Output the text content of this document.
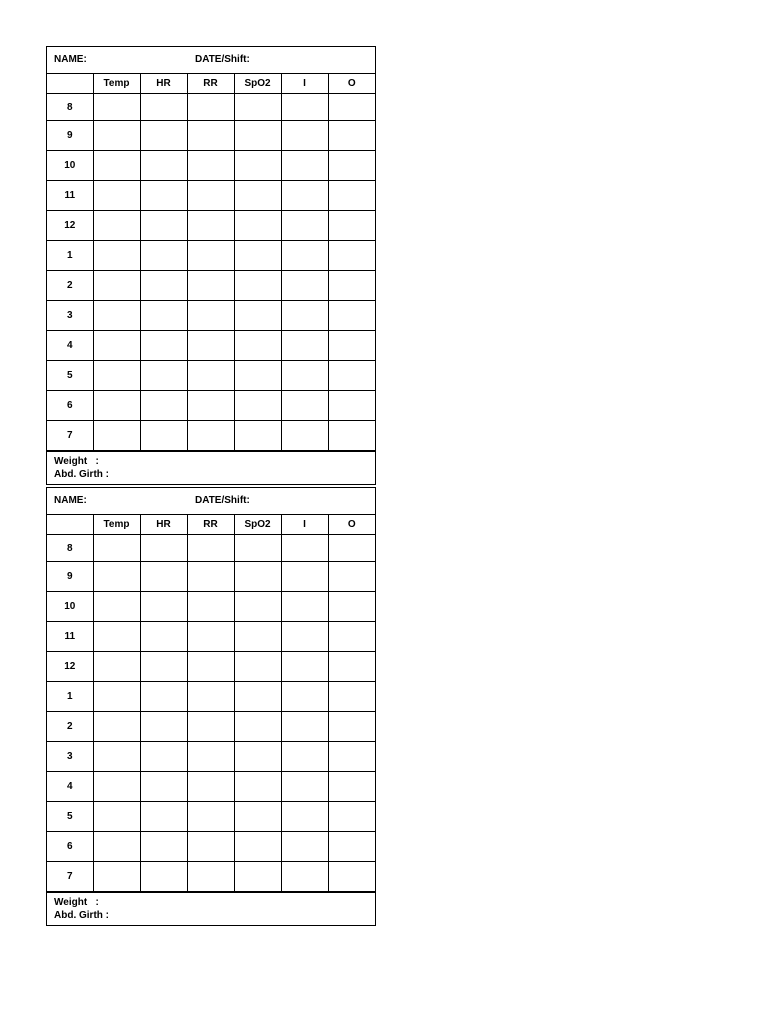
NAME:	DATE/Shift:
	Temp	HR	RR	SpO2	I	O
8						
9						
10						
11						
12						
1						
2						
3						
4						
5						
6						
7						
Weight   :
Abd. Girth :
NAME:	DATE/Shift:
	Temp	HR	RR	SpO2	I	O
8						
9						
10						
11						
12						
1						
2						
3						
4						
5						
6						
7						
Weight   :
Abd. Girth :
